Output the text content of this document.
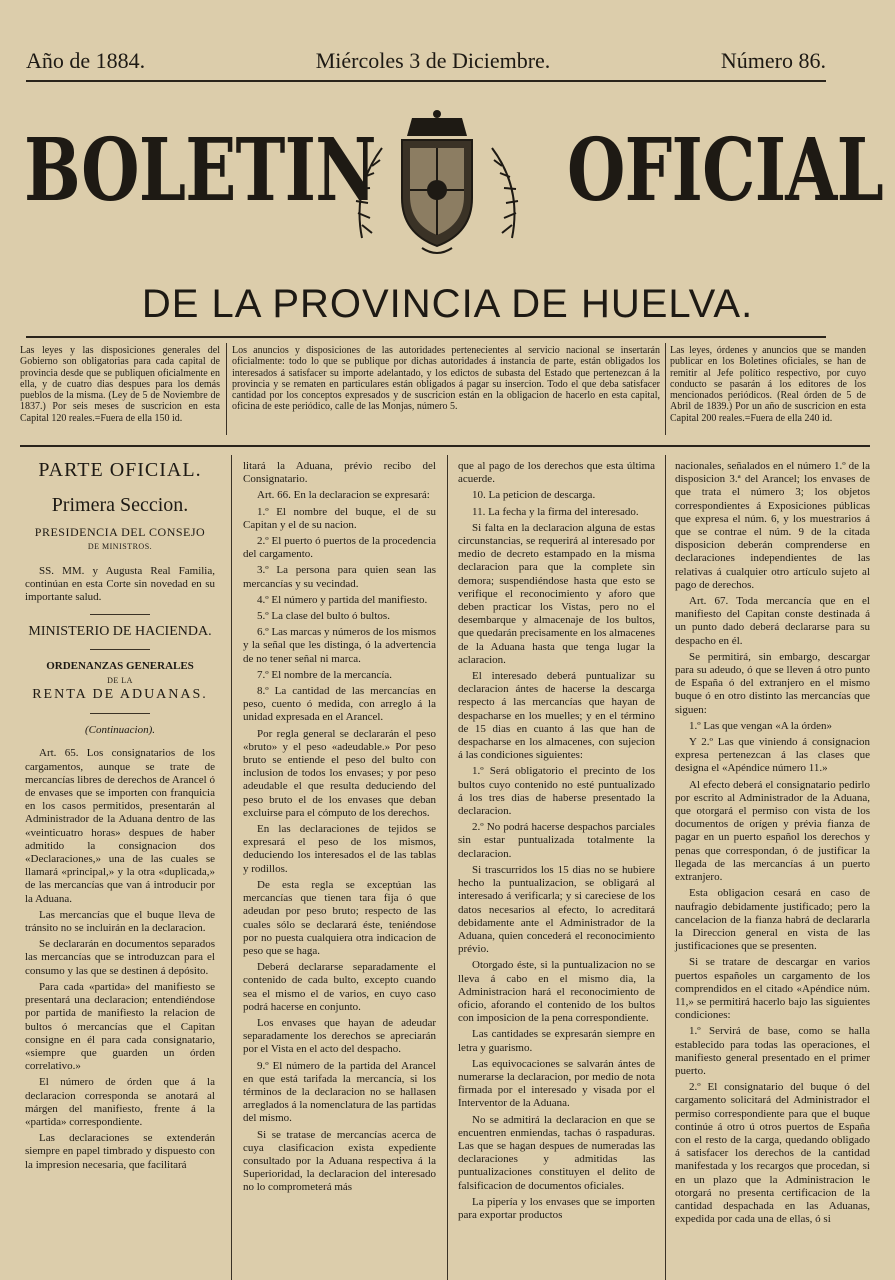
Año de 1884.	Miércoles 3 de Diciembre.	Número 86.
BOLETIN OFICIAL
DE LA PROVINCIA DE HUELVA.
Las leyes y las disposiciones generales del Gobierno son obligatorias para cada capital de provincia desde que se publiquen oficialmente en ella, y de cuatro dias despues para los demás pueblos de la misma. (Ley de 5 de Noviembre de 1837.) Por seis meses de suscricion en esta Capital 120 reales.=Fuera de ella 150 id.
Los anuncios y disposiciones de las autoridades pertenecientes al servicio nacional se insertarán oficialmente: todo lo que se publique por dichas autoridades á instancia de parte, están obligados los interesados á satisfacer su importe adelantado, y los edictos de subasta del Estado que pertenezcan á la provincia y se rematen en particulares están obligados á pagar su insercion. Todo el que deba satisfacer cantidad por los conceptos expresados y de suscricion están en la obligacion de hacerlo en esta capital, oficina de este periódico, calle de las Monjas, número 5.
Las leyes, órdenes y anuncios que se manden publicar en los Boletines oficiales, se han de remitir al Jefe político respectivo, por cuyo conducto se pasarán á los editores de los mencionados periódicos. (Real órden de 5 de Abril de 1839.) Por un año de suscricion en esta Capital 200 reales.=Fuera de ella 240 id.
PARTE OFICIAL.
Primera Seccion.
PRESIDENCIA DEL CONSEJO
DE MINISTROS.

SS. MM. y Augusta Real Familia, continúan en esta Corte sin novedad en su importante salud.

MINISTERIO DE HACIENDA.
ORDENANZAS GENERALES
DE LA
RENTA DE ADUANAS.
(Continuacion).

Art. 65. Los consignatarios de los cargamentos, aunque se trate de mercancías libres de derechos de Arancel ó de envases que se importen con franquicia en los casos permitidos, presentarán al Administrador de la Aduana dentro de las «veinticuatro horas» despues de haber admitido la consignacion dos «Declaraciones,» una de las cuales se llamará «principal,» y la otra «duplicada,» de las mercancías que van á introducir por la Aduana.

Las mercancías que el buque lleva de tránsito no se incluirán en la declaracion.

Se declararán en documentos separados las mercancías que se introduzcan para el consumo y las que se destinen á depósito.

Para cada «partida» del manifiesto se presentará una declaracion; entendiéndose por partida de manifiesto la relacion de bultos ó mercancías que el Capitan consigne en él para cada consignatario, «siempre que guarden un órden correlativo.»

El número de órden que á la declaracion corresponda se anotará al márgen del manifiesto, frente á la «partida» correspondiente.

Las declaraciones se extenderán siempre en papel timbrado y dispuesto con la impresion necesaria, que facilitará

litará la Aduana, prévio recibo del Consignatario.

Art. 66. En la declaracion se expresará:

1.º El nombre del buque, el de su Capitan y el de su nacion.

2.º El puerto ó puertos de la procedencia del cargamento.

3.º La persona para quien sean las mercancías y su vecindad.

4.º El número y partida del manifiesto.

5.º La clase del bulto ó bultos.

6.º Las marcas y números de los mismos y la señal que les distinga, ó la advertencia de no tener señal ni marca.

7.º El nombre de la mercancía.

8.º La cantidad de las mercancías en peso, cuento ó medida, con arreglo á la unidad expresada en el Arancel.

Por regla general se declararán el peso «bruto» y el peso «adeudable.» Por peso bruto se entiende el peso del bulto con inclusion de todos los envases; y por peso adeudable el que resulta deduciendo del peso bruto el de los envases que deban excluirse para el cómputo de los derechos.

En las declaraciones de tejidos se expresará el peso de los mismos, deduciendo los interesados el de las tablas y rodillos.

De esta regla se exceptúan las mercancías que tienen tara fija ó que adeudan por peso bruto; respecto de las cuales sólo se declarará éste, teniéndose por no puesta cualquiera otra indicacion de peso que se haga.

Deberá declararse separadamente el contenido de cada bulto, excepto cuando sea el mismo el de varios, en cuyo caso podrá hacerse en conjunto.

Los envases que hayan de adeudar separadamente los derechos se apreciarán por el Vista en el acto del despacho.

9.º El número de la partida del Arancel en que está tarifada la mercancía, si los términos de la declaracion no se hallasen arreglados á la nomenclatura de las partidas del mismo.

Si se tratase de mercancías acerca de cuya clasificacion exista expediente consultado por la Aduana respectiva á la Superioridad, la declaracion del interesado no lo comprometerá más

que al pago de los derechos que esta última acuerde.

10. La peticion de descarga.

11. La fecha y la firma del interesado.

Si falta en la declaracion alguna de estas circunstancias, se requerirá al interesado por medio de decreto estampado en la misma declaracion para que la complete sin demora; suspendiéndose hasta que esto se verifique el reconocimiento y aforo que deben practicar los Vistas, pero no el desembarque y almacenaje de los bultos, que quedarán precisamente en los almacenes de la Aduana hasta que tenga lugar la aclaracion.

El interesado deberá puntualizar su declaracion ántes de hacerse la descarga respecto á las mercancías que hayan de despacharse en los muelles; y en el término de 15 dias en cuanto á las que han de despacharse en los almacenes, con sujecion á las condiciones siguientes:

1.º Será obligatorio el precinto de los bultos cuyo contenido no esté puntualizado á los tres dias de haberse presentado la declaracion.

2.º No podrá hacerse despachos parciales sin estar puntualizada totalmente la declaracion.

Si trascurridos los 15 dias no se hubiere hecho la puntualizacion, se obligará al interesado á verificarla; y si careciese de los datos necesarios al efecto, lo acreditará debidamente ante el Administrador de la Aduana, quien concederá el reconocimiento prévio.

Otorgado éste, si la puntualizacion no se lleva á cabo en el mismo dia, la Administracion hará el reconocimiento de oficio, aforando el contenido de los bultos con imposicion de la pena correspondiente.

Las cantidades se expresarán siempre en letra y guarismo.

Las equivocaciones se salvarán ántes de numerarse la declaracion, por medio de nota firmada por el interesado y visada por el Interventor de la Aduana.

No se admitirá la declaracion en que se encuentren enmiendas, tachas ó raspaduras. Las que se hagan despues de numeradas las declaraciones y admitidas las puntualizaciones constituyen el delito de falsificacion de documentos oficiales.

La pipería y los envases que se importen para exportar productos

nacionales, señalados en el número 1.º de la disposicion 3.ª del Arancel; los envases de que trata el número 3; los objetos correspondientes á Exposiciones públicas que expresa el núm. 6, y los muestrarios á que se contrae el núm. 9 de la citada disposicion deberán comprenderse en declaraciones independientes de las relativas á cualquier otro artículo sujeto al pago de derechos.

Art. 67. Toda mercancía que en el manifiesto del Capitan conste destinada á un punto dado deberá declararse para su despacho en él.

Se permitirá, sin embargo, descargar para su adeudo, ó que se lleven á otro punto de España ó del extranjero en el mismo buque ó en otro distinto las mercancías que siguen:

1.º Las que vengan «A la órden»

Y 2.º Las que viniendo á consignacion expresa pertenezcan á las clases que designa el «Apéndice número 11.»

Al efecto deberá el consignatario pedirlo por escrito al Administrador de la Aduana, que otorgará el permiso con vista de los documentos de orígen y prévia fianza de pagar en un puerto español los derechos y penas que correspondan, ó de justificar la llegada de las mercancías á un puerto extranjero.

Esta obligacion cesará en caso de naufragio debidamente justificado; pero la cancelacion de la fianza habrá de declararla la Direccion general en vista de las justificaciones que se presenten.

Si se tratare de descargar en varios puertos españoles un cargamento de los comprendidos en el citado «Apéndice núm. 11,» se permitirá hacerlo bajo las siguientes condiciones:

1.º Servirá de base, como se halla establecido para todas las operaciones, el manifiesto general presentado en el primer puerto.

2.º El consignatario del buque ó del cargamento solicitará del Administrador el permiso correspondiente para que el buque continúe á otro ú otros puertos de España con el resto de la carga, quedando obligado á satisfacer los derechos de la cantidad manifestada y los recargos que procedan, si en un plazo que la Administracion le otorgará no presenta certificacion de la cantidad despachada en las Aduanas, expedida por cada una de ellas, ó si
